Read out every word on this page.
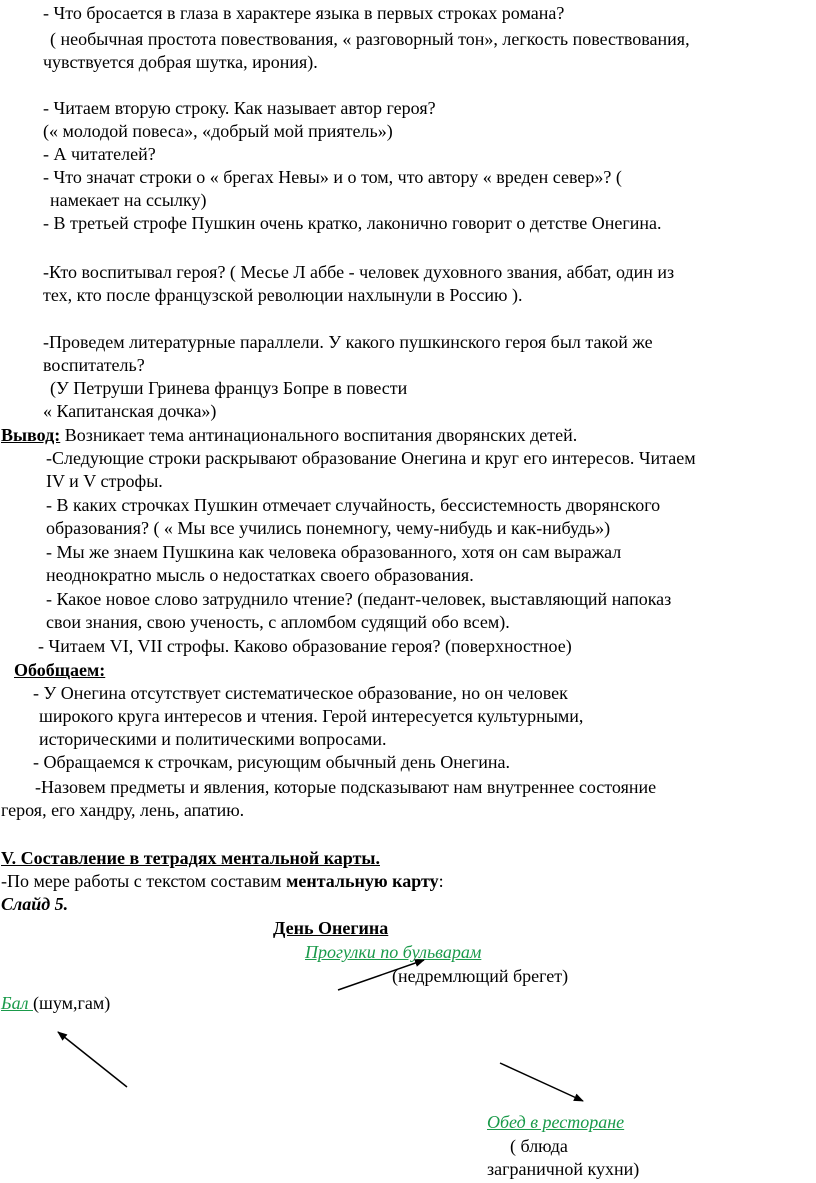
- Что бросается в глаза в характере языка в первых строках романа?
( необычная простота повествования, « разговорный тон», легкость повествования,
чувствуется добрая шутка, ирония).
- Читаем вторую строку. Как называет автор героя?
(« молодой повеса», «добрый мой приятель»)
- А читателей?
- Что значат строки о « брегах Невы» и о том, что автору « вреден север»? (
намекает на ссылку)
- В третьей строфе Пушкин очень кратко, лаконично говорит о детстве Онегина.
-Кто воспитывал героя? ( Месье Л аббе - человек духовного звания, аббат, один из
тех, кто после французской революции нахлынули в Россию ).
-Проведем литературные параллели. У какого пушкинского героя был такой же
воспитатель?
(У Петруши Гринева француз Бопре в повести
« Капитанская дочка»)
Вывод: Возникает тема антинационального воспитания дворянских детей.
-Следующие строки раскрывают образование Онегина и круг его интересов. Читаем
IV и V строфы.
- В каких строчках Пушкин отмечает случайность, бессистемность дворянского
образования? ( « Мы все учились понемногу, чему-нибудь и как-нибудь»)
- Мы же знаем Пушкина как человека образованного, хотя он сам выражал
неоднократно мысль о недостатках своего образования.
- Какое новое слово затруднило чтение? (педант-человек, выставляющий напоказ
свои знания, свою ученость, с апломбом судящий обо всем).
- Читаем VI, VII строфы. Каково образование героя? (поверхностное)
Обобщаем:
- У Онегина отсутствует систематическое образование, но он человек
широкого круга интересов и чтения. Герой интересуется культурными,
историческими и политическими вопросами.
- Обращаемся к строчкам, рисующим обычный день Онегина.
-Назовем предметы и явления, которые подсказывают нам внутреннее состояние
героя, его хандру, лень, апатию.
V. Составление в тетрадях ментальной карты.
-По мере работы с текстом составим ментальную карту:
Слайд 5.
День Онегина
Прогулки по бульварам
(недремлющий брегет)
Бал (шум,гам)
Обед в ресторане
( блюда
заграничной кухни)
